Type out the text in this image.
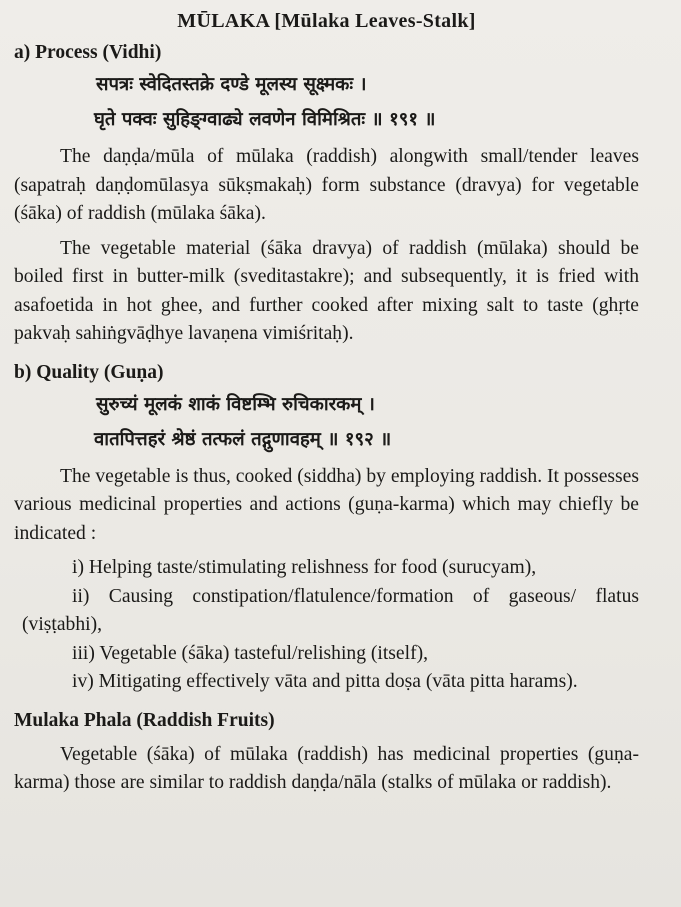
MŪLAKA [Mūlaka Leaves-Stalk]
a) Process (Vidhi)
सपत्रः स्वेदितस्तक्रे दण्डे मूलस्य सूक्ष्मकः ।
घृते पक्वः सुहिङ्ग्वाढ्ये लवणेन विमिश्रितः ॥ १९१ ॥

The daṇḍa/mūla of mūlaka (raddish) alongwith small/tender leaves (sapatraḥ daṇḍomūlasya sūkṣmakaḥ) form substance (dravya) for vegetable (śāka) of raddish (mūlaka śāka).

The vegetable material (śāka dravya) of raddish (mūlaka) should be boiled first in butter-milk (sveditastakre); and subsequently, it is fried with asafoetida in hot ghee, and further cooked after mixing salt to taste (ghṛte pakvaḥ sahiṅgvāḍhye lavaṇena vimiśritaḥ).

b) Quality (Guṇa)
सुरुच्यं मूलकं शाकं विष्टम्भि रुचिकारकम् ।
वातपित्तहरं श्रेष्ठं तत्फलं तद्गुणावहम् ॥ १९२ ॥

The vegetable is thus, cooked (siddha) by employing raddish. It possesses various medicinal properties and actions (guṇa-karma) which may chiefly be indicated :

i) Helping taste/stimulating relishness for food (surucyam),
ii) Causing constipation/flatulence/formation of gaseous/ flatus (viṣṭabhi),
iii) Vegetable (śāka) tasteful/relishing (itself),
iv) Mitigating effectively vāta and pitta doṣa (vāta pitta harams).
Mulaka Phala (Raddish Fruits)

Vegetable (śāka) of mūlaka (raddish) has medicinal properties (guṇa-karma) those are similar to raddish daṇḍa/nāla (stalks of mūlaka or raddish).
